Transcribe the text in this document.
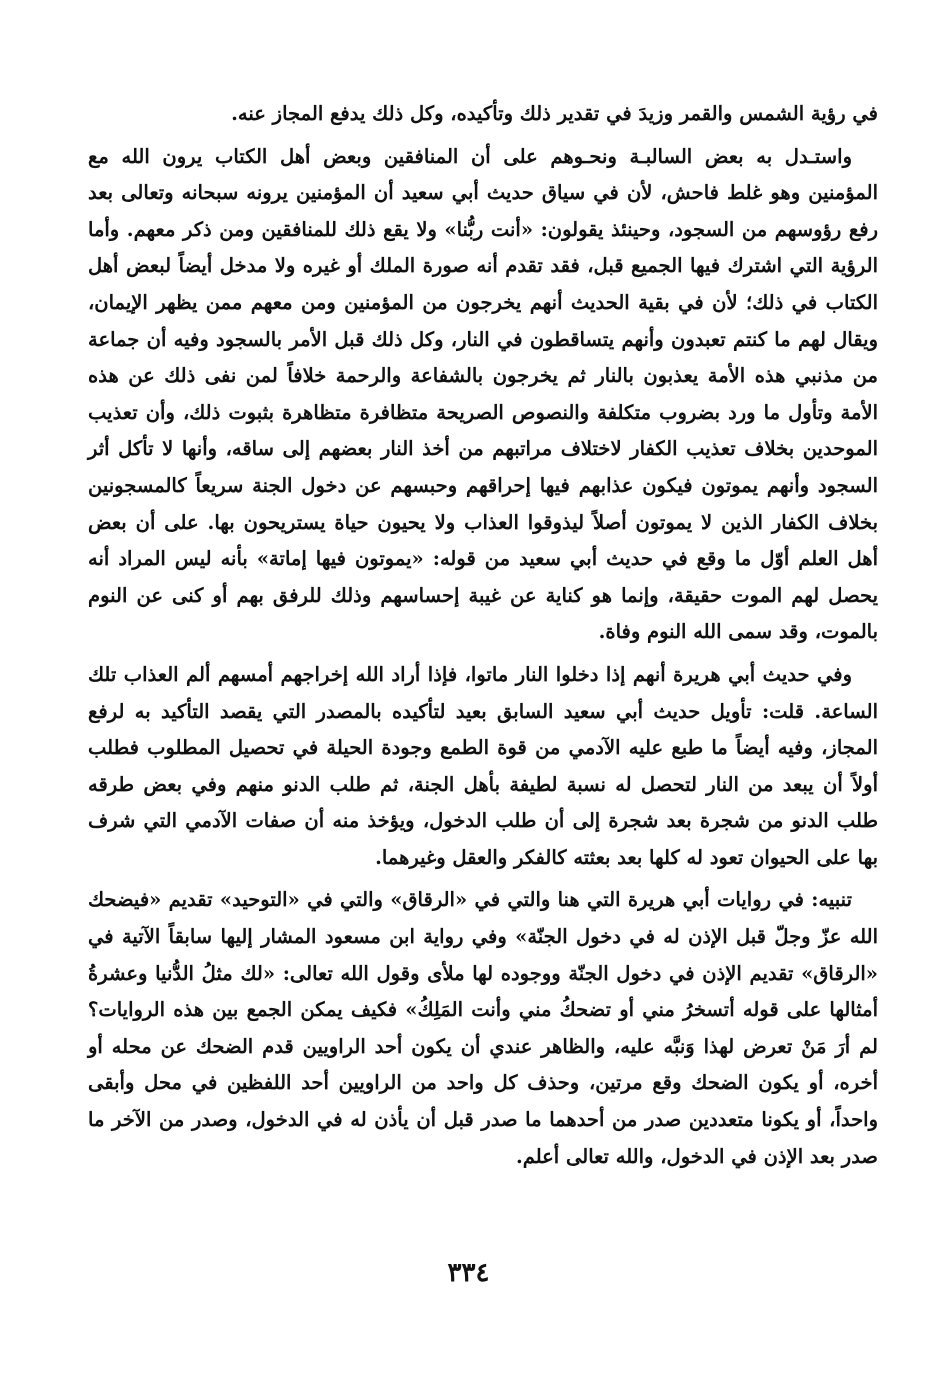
في رؤية الشمس والقمر وزيدَ في تقدير ذلك وتأكيده، وكل ذلك يدفع المجاز عنه.

واستـدل به بعض السالبـة ونحـوهم على أن المنافقين وبعض أهل الكتاب يرون الله مع المؤمنين وهو غلط فاحش، لأن في سياق حديث أبي سعيد أن المؤمنين يرونه سبحانه وتعالى بعد رفع رؤوسهم من السجود، وحينئذ يقولون: «أنت ربُّنا» ولا يقع ذلك للمنافقين ومن ذكر معهم. وأما الرؤية التي اشترك فيها الجميع قبل، فقد تقدم أنه صورة الملك أو غيره ولا مدخل أيضاً لبعض أهل الكتاب في ذلك؛ لأن في بقية الحديث أنهم يخرجون من المؤمنين ومن معهم ممن يظهر الإيمان، ويقال لهم ما كنتم تعبدون وأنهم يتساقطون في النار، وكل ذلك قبل الأمر بالسجود وفيه أن جماعة من مذنبي هذه الأمة يعذبون بالنار ثم يخرجون بالشفاعة والرحمة خلافاً لمن نفى ذلك عن هذه الأمة وتأول ما ورد بضروب متكلفة والنصوص الصريحة متظافرة متظاهرة بثبوت ذلك، وأن تعذيب الموحدين بخلاف تعذيب الكفار لاختلاف مراتبهم من أخذ النار بعضهم إلى ساقه، وأنها لا تأكل أثر السجود وأنهم يموتون فيكون عذابهم فيها إحراقهم وحبسهم عن دخول الجنة سريعاً كالمسجونين بخلاف الكفار الذين لا يموتون أصلاً ليذوقوا العذاب ولا يحيون حياة يستريحون بها. على أن بعض أهل العلم أوّل ما وقع في حديث أبي سعيد من قوله: «يموتون فيها إماتة» بأنه ليس المراد أنه يحصل لهم الموت حقيقة، وإنما هو كناية عن غيبة إحساسهم وذلك للرفق بهم أو كنى عن النوم بالموت، وقد سمى الله النوم وفاة.

وفي حديث أبي هريرة أنهم إذا دخلوا النار ماتوا، فإذا أراد الله إخراجهم أمسهم ألم العذاب تلك الساعة. قلت: تأويل حديث أبي سعيد السابق بعيد لتأكيده بالمصدر التي يقصد التأكيد به لرفع المجاز، وفيه أيضاً ما طبع عليه الآدمي من قوة الطمع وجودة الحيلة في تحصيل المطلوب فطلب أولاً أن يبعد من النار لتحصل له نسبة لطيفة بأهل الجنة، ثم طلب الدنو منهم وفي بعض طرقه طلب الدنو من شجرة بعد شجرة إلى أن طلب الدخول، ويؤخذ منه أن صفات الآدمي التي شرف بها على الحيوان تعود له كلها بعد بعثته كالفكر والعقل وغيرهما.

تنبيه: في روايات أبي هريرة التي هنا والتي في «الرقاق» والتي في «التوحيد» تقديم «فيضحك الله عزّ وجلّ قبل الإذن له في دخول الجنّة» وفي رواية ابن مسعود المشار إليها سابقاً الآتية في «الرقاق» تقديم الإذن في دخول الجنّة ووجوده لها ملأى وقول الله تعالى: «لك مثلُ الدُّنيا وعشرةُ أمثالها على قوله أتسخرُ مني أو تضحكُ مني وأنت المَلِكُ» فكيف يمكن الجمع بين هذه الروايات؟ لم أرَ مَنْ تعرض لهذا وَنبَّه عليه، والظاهر عندي أن يكون أحد الراويين قدم الضحك عن محله أو أخره، أو يكون الضحك وقع مرتين، وحذف كل واحد من الراويين أحد اللفظين في محل وأبقى واحداً، أو يكونا متعددين صدر من أحدهما ما صدر قبل أن يأذن له في الدخول، وصدر من الآخر ما صدر بعد الإذن في الدخول، والله تعالى أعلم.

٣٣٤
